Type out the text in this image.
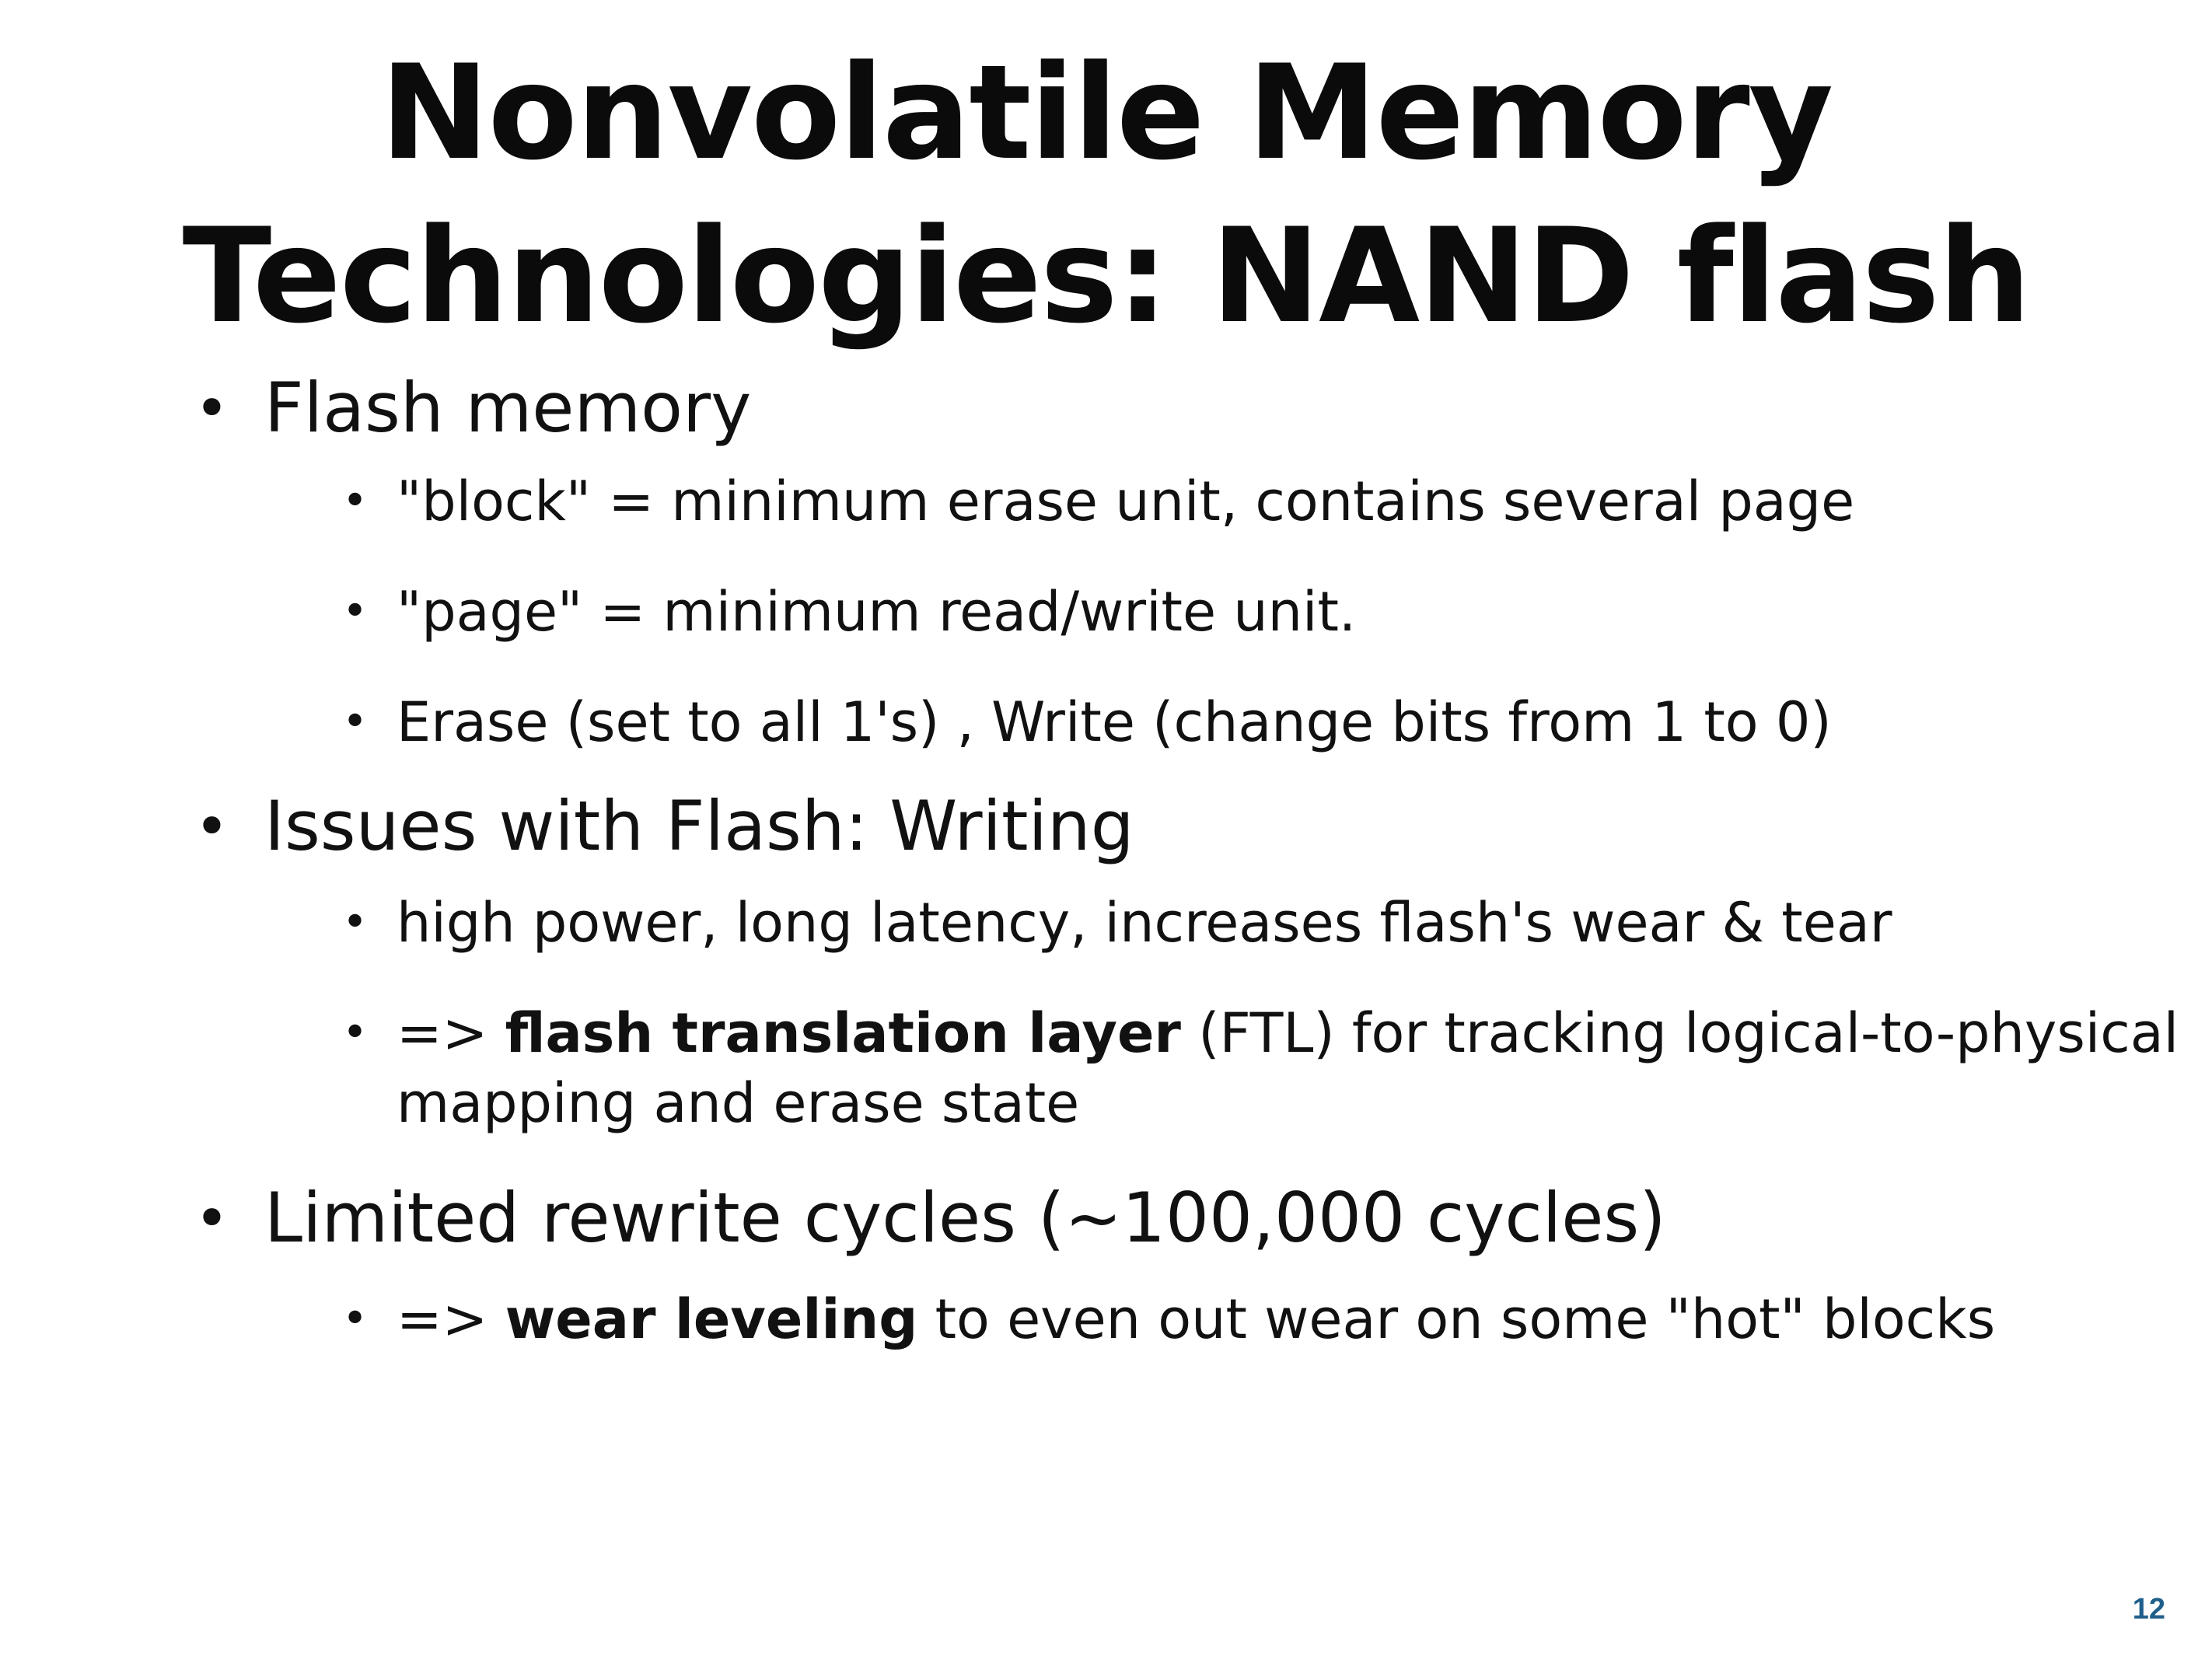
Nonvolatile Memory
Technologies: NAND flash
• Flash memory
• "block" = minimum erase unit, contains several page
• "page" = minimum read/write unit.
• Erase (set to all 1's) , Write (change bits from 1 to 0)
• Issues with Flash: Writing
• high power, long latency, increases flash's wear & tear
• => flash translation layer (FTL) for tracking logical-to-physical
mapping and erase state
• Limited rewrite cycles (~100,000 cycles)
• => wear leveling to even out wear on some "hot" blocks
12
